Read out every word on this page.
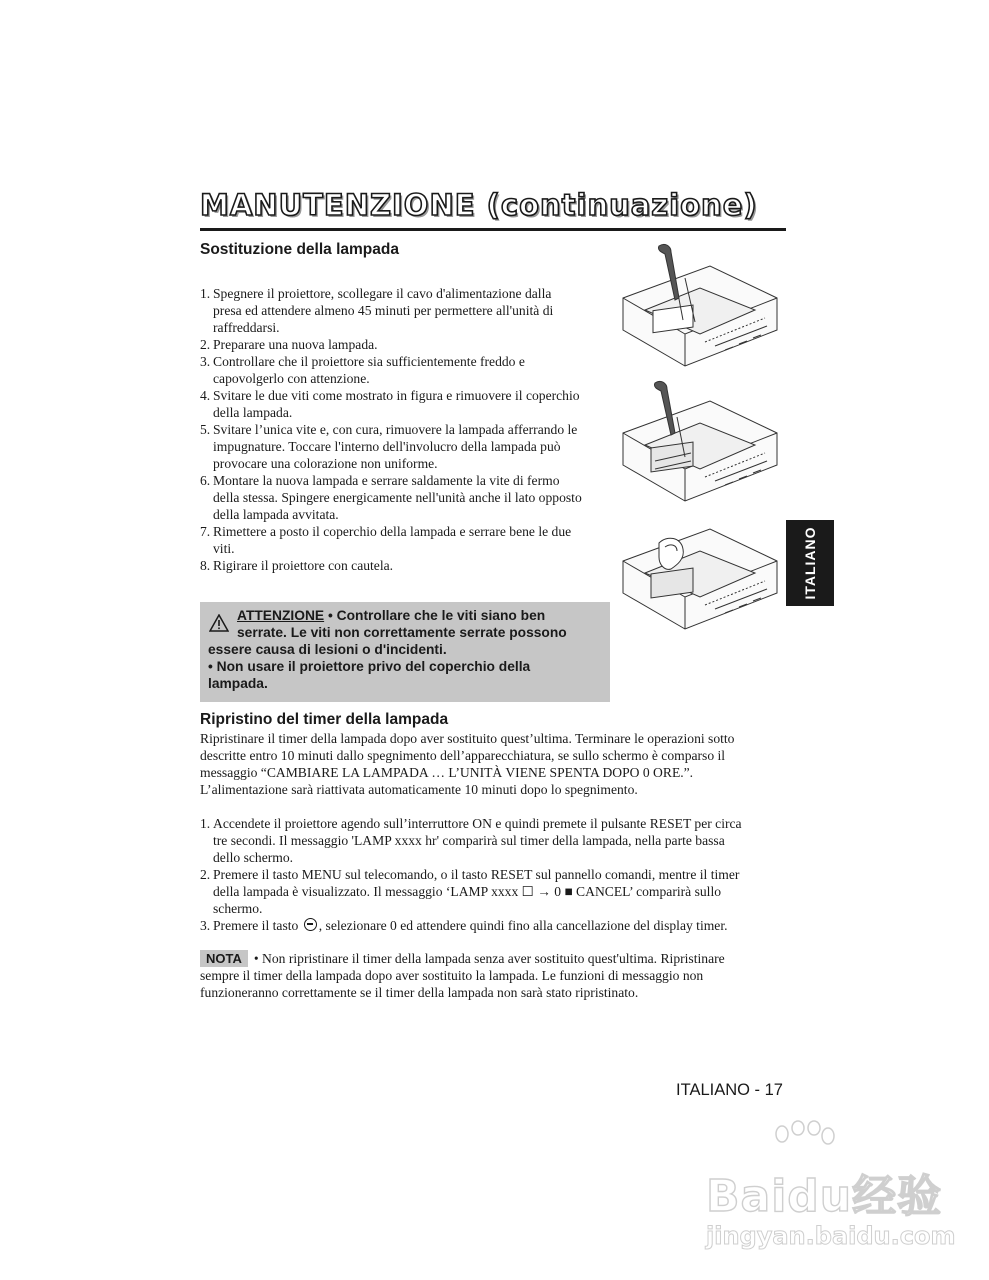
MANUTENZIONE (continuazione)
Sostituzione della lampada
1. Spegnere il proiettore, scollegare il cavo d'alimentazione dalla
presa ed attendere almeno 45 minuti per permettere all'unità di
raffreddarsi.
2. Preparare una nuova lampada.
3. Controllare che il proiettore sia sufficientemente freddo e
capovolgerlo con attenzione.
4. Svitare le due viti come mostrato in figura e rimuovere il coperchio
della lampada.
5. Svitare l’unica vite e, con cura, rimuovere la lampada afferrando le
impugnature. Toccare l'interno dell'involucro della lampada può
provocare una colorazione non uniforme.
6. Montare la nuova lampada e serrare saldamente la vite di fermo
della stessa. Spingere energicamente nell'unità anche il lato opposto
della lampada avvitata.
7. Rimettere a posto il coperchio della lampada e serrare bene le due
viti.
8. Rigirare il proiettore con cautela.	ITALIANO
ATTENZIONE • Controllare che le viti siano ben
serrate. Le viti non correttamente serrate possono
essere causa di lesioni o d'incidenti.
• Non usare il proiettore privo del coperchio della
lampada.
Ripristino del timer della lampada
Ripristinare il timer della lampada dopo aver sostituito quest’ultima. Terminare le operazioni sotto
descritte entro 10 minuti dallo spegnimento dell’apparecchiatura, se sullo schermo è comparso il
messaggio “CAMBIARE LA LAMPADA … L’UNITÀ VIENE SPENTA DOPO 0 ORE.”.
L’alimentazione sarà riattivata automaticamente 10 minuti dopo lo spegnimento.
1. Accendete il proiettore agendo sull’interruttore ON e quindi premete il pulsante RESET per circa
tre secondi. Il messaggio 'LAMP xxxx hr' comparirà sul timer della lampada, nella parte bassa
dello schermo.
2. Premere il tasto MENU sul telecomando, o il tasto RESET sul pannello comandi, mentre il timer
della lampada è visualizzato. Il messaggio ‘LAMP xxxx ☐ → 0 ■ CANCEL’ comparirà sullo
schermo.
3. Premere il tasto , selezionare 0 ed attendere quindi fino alla cancellazione del display timer.
NOTA • Non ripristinare il timer della lampada senza aver sostituito quest'ultima. Ripristinare
sempre il timer della lampada dopo aver sostituito la lampada. Le funzioni di messaggio non
funzioneranno correttamente se il timer della lampada non sarà stato ripristinato.
ITALIANO - 17
Baidu经验
jingyan.baidu.com
